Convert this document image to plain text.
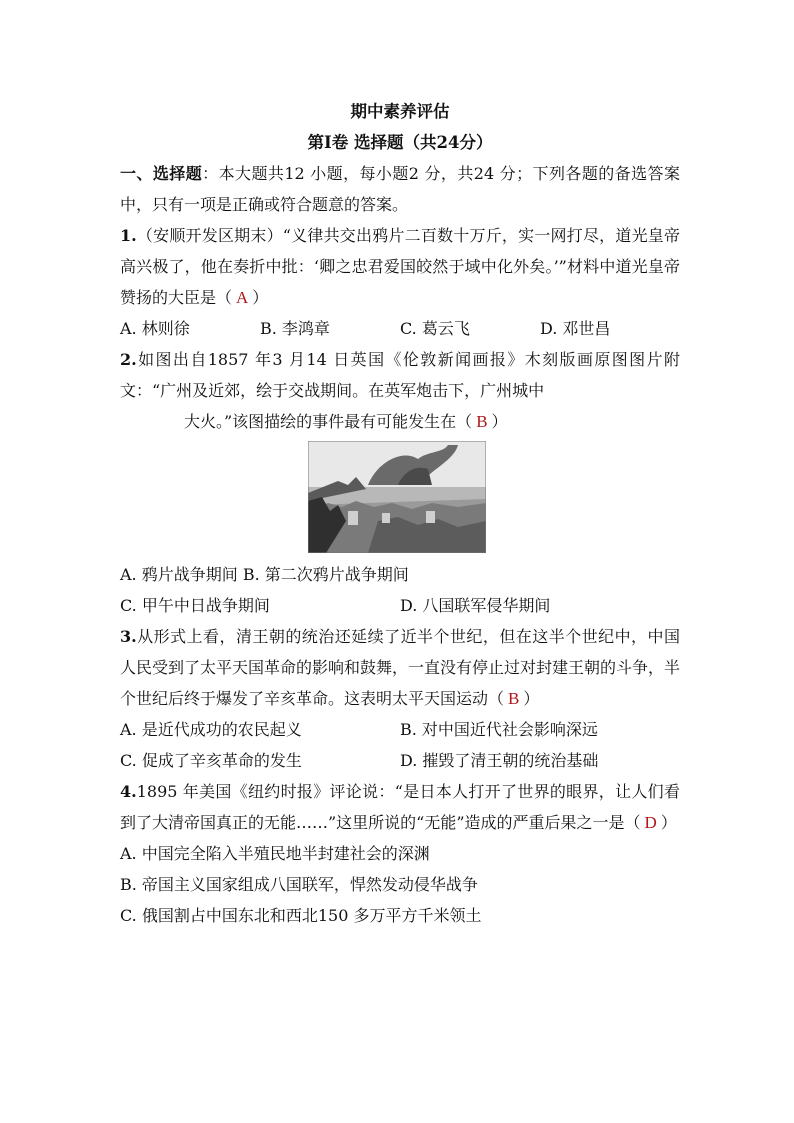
期中素养评估
第Ⅰ卷 选择题（共24分）

一、选择题：本大题共12 小题，每小题2 分，共24 分；下列各题的备选答案中，只有一项是正确或符合题意的答案。

1.（安顺开发区期末）“义律共交出鸦片二百数十万斤，实一网打尽，道光皇帝高兴极了，他在奏折中批：‘卿之忠君爱国皎然于域中化外矣。’”材料中道光皇帝赞扬的大臣是（ A ）

A. 林则徐	B. 李鸿章	C. 葛云飞	D. 邓世昌

2.如图出自1857 年3 月14 日英国《伦敦新闻画报》木刻版画原图图片附文：“广州及近郊，绘于交战期间。在英军炮击下，广州城中

大火。”该图描绘的事件最有可能发生在（ B ）

A. 鸦片战争期间 B. 第二次鸦片战争期间
C. 甲午中日战争期间	D. 八国联军侵华期间

3.从形式上看，清王朝的统治还延续了近半个世纪，但在这半个世纪中，中国人民受到了太平天国革命的影响和鼓舞，一直没有停止过对封建王朝的斗争，半个世纪后终于爆发了辛亥革命。这表明太平天国运动（ B ）

A. 是近代成功的农民起义	B. 对中国近代社会影响深远
C. 促成了辛亥革命的发生	D. 摧毁了清王朝的统治基础

4.1895 年美国《纽约时报》评论说：“是日本人打开了世界的眼界，让人们看到了大清帝国真正的无能……”这里所说的“无能”造成的严重后果之一是（ D ）

A. 中国完全陷入半殖民地半封建社会的深渊
B. 帝国主义国家组成八国联军，悍然发动侵华战争
C. 俄国割占中国东北和西北150 多万平方千米领土
